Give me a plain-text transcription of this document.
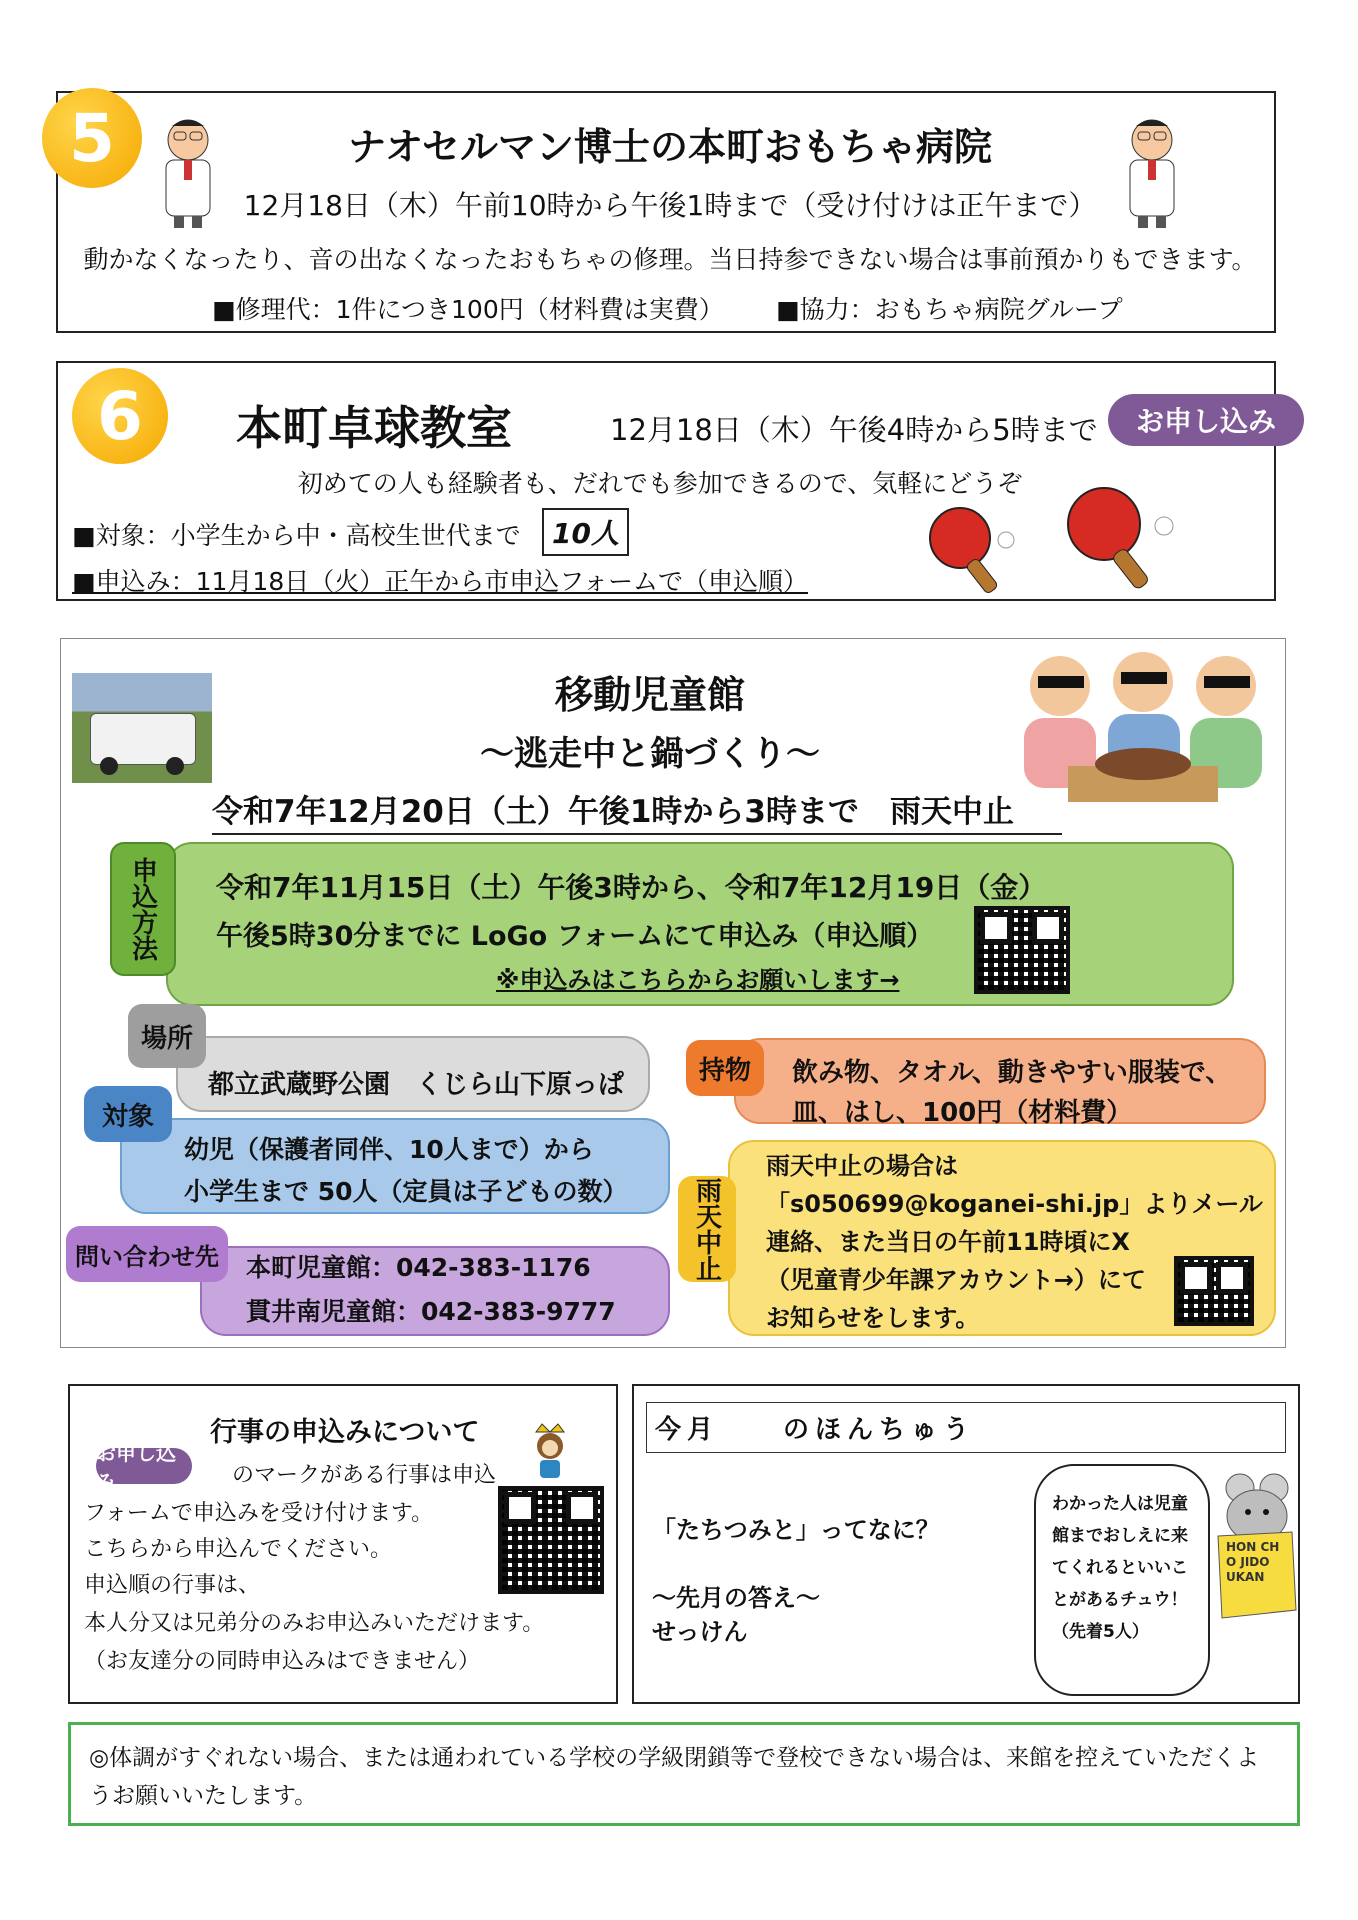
5	ナオセルマン博士の本町おもちゃ病院
12月18日（木）午前10時から午後1時まで（受け付けは正午まで）
動かなくなったり、音の出なくなったおもちゃの修理。当日持参できない場合は事前預かりもできます。
■修理代：1件につき100円（材料費は実費） ■協力：おもちゃ病院グループ
6	本町卓球教室	12月18日（木）午後4時から5時まで	お申し込み
初めての人も経験者も、だれでも参加できるので、気軽にどうぞ
■対象：小学生から中・高校生世代まで	10人
■申込み：11月18日（火）正午から市申込フォームで（申込順）
移動児童館
～逃走中と鍋づくり～
令和7年12月20日（土）午後1時から3時まで　雨天中止
申込方法	令和7年11月15日（土）午後3時から、令和7年12月19日（金）
午後5時30分までに LoGo フォームにて申込み（申込順）
※申込みはこちらからお願いします→
場所
都立武蔵野公園　くじら山下原っぱ	持物	飲み物、タオル、動きやすい服装で、
皿、はし、100円（材料費）
対象
幼児（保護者同伴、10人まで）から
小学生まで 50人（定員は子どもの数）	雨天中止
雨天中止の場合は
「s050699@koganei-shi.jp」よりメール
連絡、また当日の午前11時頃にX
（児童青少年課アカウント→）にて
お知らせをします。
問い合わせ先	本町児童館：042-383-1176
貫井南児童館：042-383-9777
行事の申込みについて
お申し込み	のマークがある行事は申込
フォームで申込みを受け付けます。
こちらから申込んでください。
申込順の行事は、
本人分又は兄弟分のみお申込みいただけます。
（お友達分の同時申込みはできません）
今月　　のほんちゅう
「たちつみと」ってなに？
～先月の答え～
せっけん
わかった人は児童館までおしえに来てくれるといいことがあるチュウ！（先着5人）
HON CHO JIDO UKAN
◎体調がすぐれない場合、または通われている学校の学級閉鎖等で登校できない場合は、来館を控えていただくようお願いいたします。
